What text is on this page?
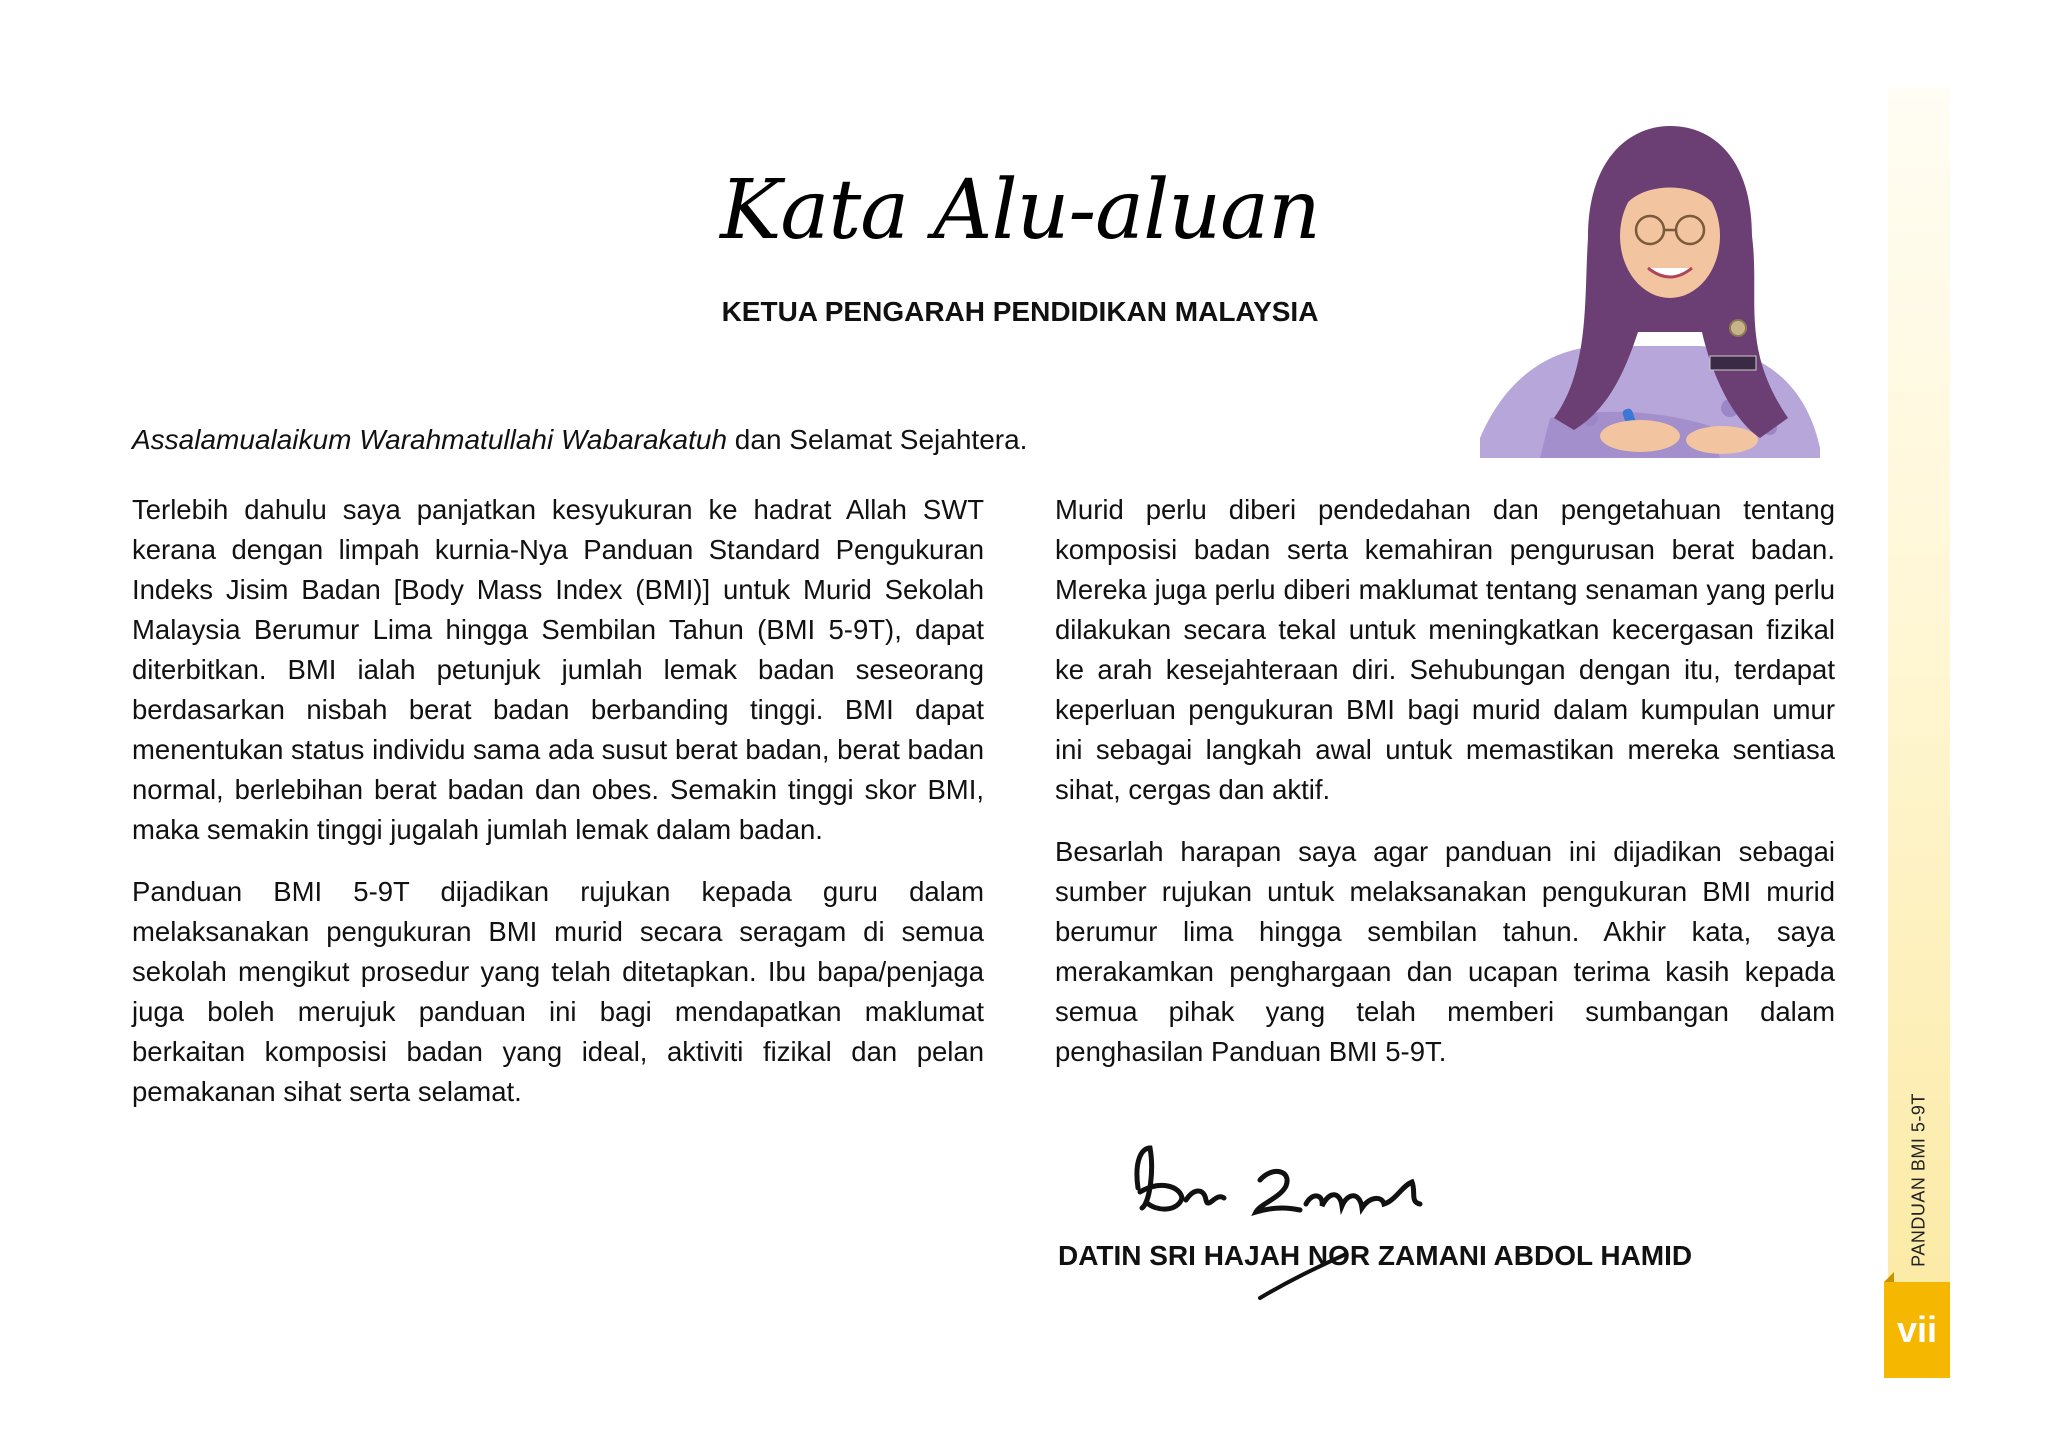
Kata Alu-aluan
KETUA PENGARAH PENDIDIKAN MALAYSIA
Assalamualaikum Warahmatullahi Wabarakatuh dan Selamat Sejahtera.

Terlebih dahulu saya panjatkan kesyukuran ke hadrat Allah SWT kerana dengan limpah kurnia-Nya Panduan Standard Pengukuran Indeks Jisim Badan [Body Mass Index (BMI)] untuk Murid Sekolah Malaysia Berumur Lima hingga Sembilan Tahun (BMI 5-9T), dapat diterbitkan. BMI ialah petunjuk jumlah lemak badan seseorang berdasarkan nisbah berat badan berbanding tinggi. BMI dapat menentukan status individu sama ada susut berat badan, berat badan normal, berlebihan berat badan dan obes. Semakin tinggi skor BMI, maka semakin tinggi jugalah jumlah lemak dalam badan.

Panduan BMI 5-9T dijadikan rujukan kepada guru dalam melaksanakan pengukuran BMI murid secara seragam di semua sekolah mengikut prosedur yang telah ditetapkan. Ibu bapa/penjaga juga boleh merujuk panduan ini bagi mendapatkan maklumat berkaitan komposisi badan yang ideal, aktiviti fizikal dan pelan pemakanan sihat serta selamat.

Murid perlu diberi pendedahan dan pengetahuan tentang komposisi badan serta kemahiran pengurusan berat badan. Mereka juga perlu diberi maklumat tentang senaman yang perlu dilakukan secara tekal untuk meningkatkan kecergasan fizikal ke arah kesejahteraan diri. Sehubungan dengan itu, terdapat keperluan pengukuran BMI bagi murid dalam kumpulan umur ini sebagai langkah awal untuk memastikan mereka sentiasa sihat, cergas dan aktif.

Besarlah harapan saya agar panduan ini dijadikan sebagai sumber rujukan untuk melaksanakan pengukuran BMI murid berumur lima hingga sembilan tahun. Akhir kata, saya merakamkan penghargaan dan ucapan terima kasih kepada semua pihak yang telah memberi sumbangan dalam penghasilan Panduan BMI 5-9T.

DATIN SRI HAJAH NOR ZAMANI ABDOL HAMID	PANDUAN BMI 5-9T
vii
